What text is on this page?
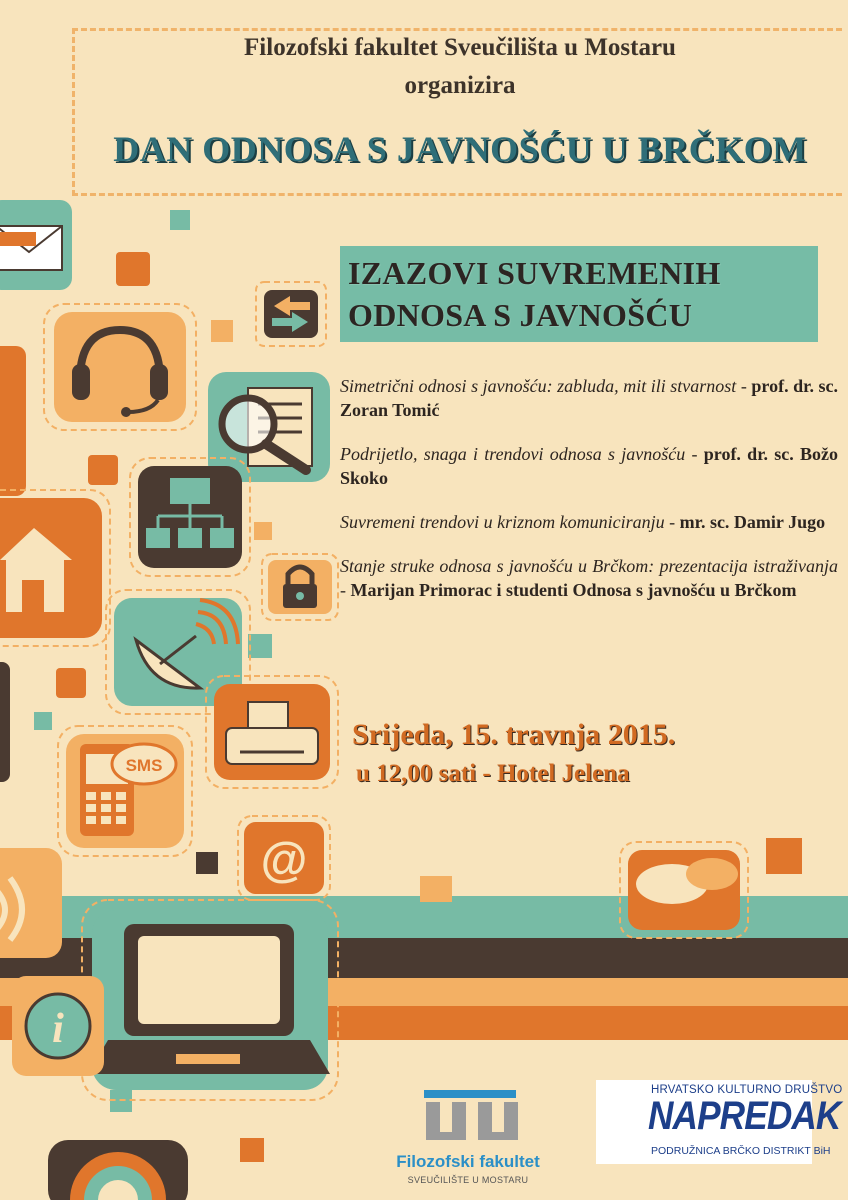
SMS
@
i
Filozofski fakultet Sveučilišta u Mostaru
organizira
DAN ODNOSA S JAVNOŠĆU U BRČKOM
IZAZOVI SUVREMENIH
ODNOSA S JAVNOŠĆU
Simetrični odnosi s javnošću: zabluda, mit ili stvarnost - prof. dr. sc. Zoran Tomić
Podrijetlo, snaga i trendovi odnosa s javnošću - prof. dr. sc. Božo Skoko
Suvremeni trendovi u kriznom komuniciranju - mr. sc. Damir Jugo
Stanje struke odnosa s javnošću u Brčkom: prezentacija istraživanja - Marijan Primorac i studenti Odnosa s javnošću u Brčkom
Srijeda, 15. travnja 2015.
u 12,00 sati - Hotel Jelena
Filozofski fakultet
SVEUČILIŠTE U MOSTARU
HRVATSKO KULTURNO DRUŠTVO
NAPREDAK
PODRUŽNICA BRČKO DISTRIKT BiH
